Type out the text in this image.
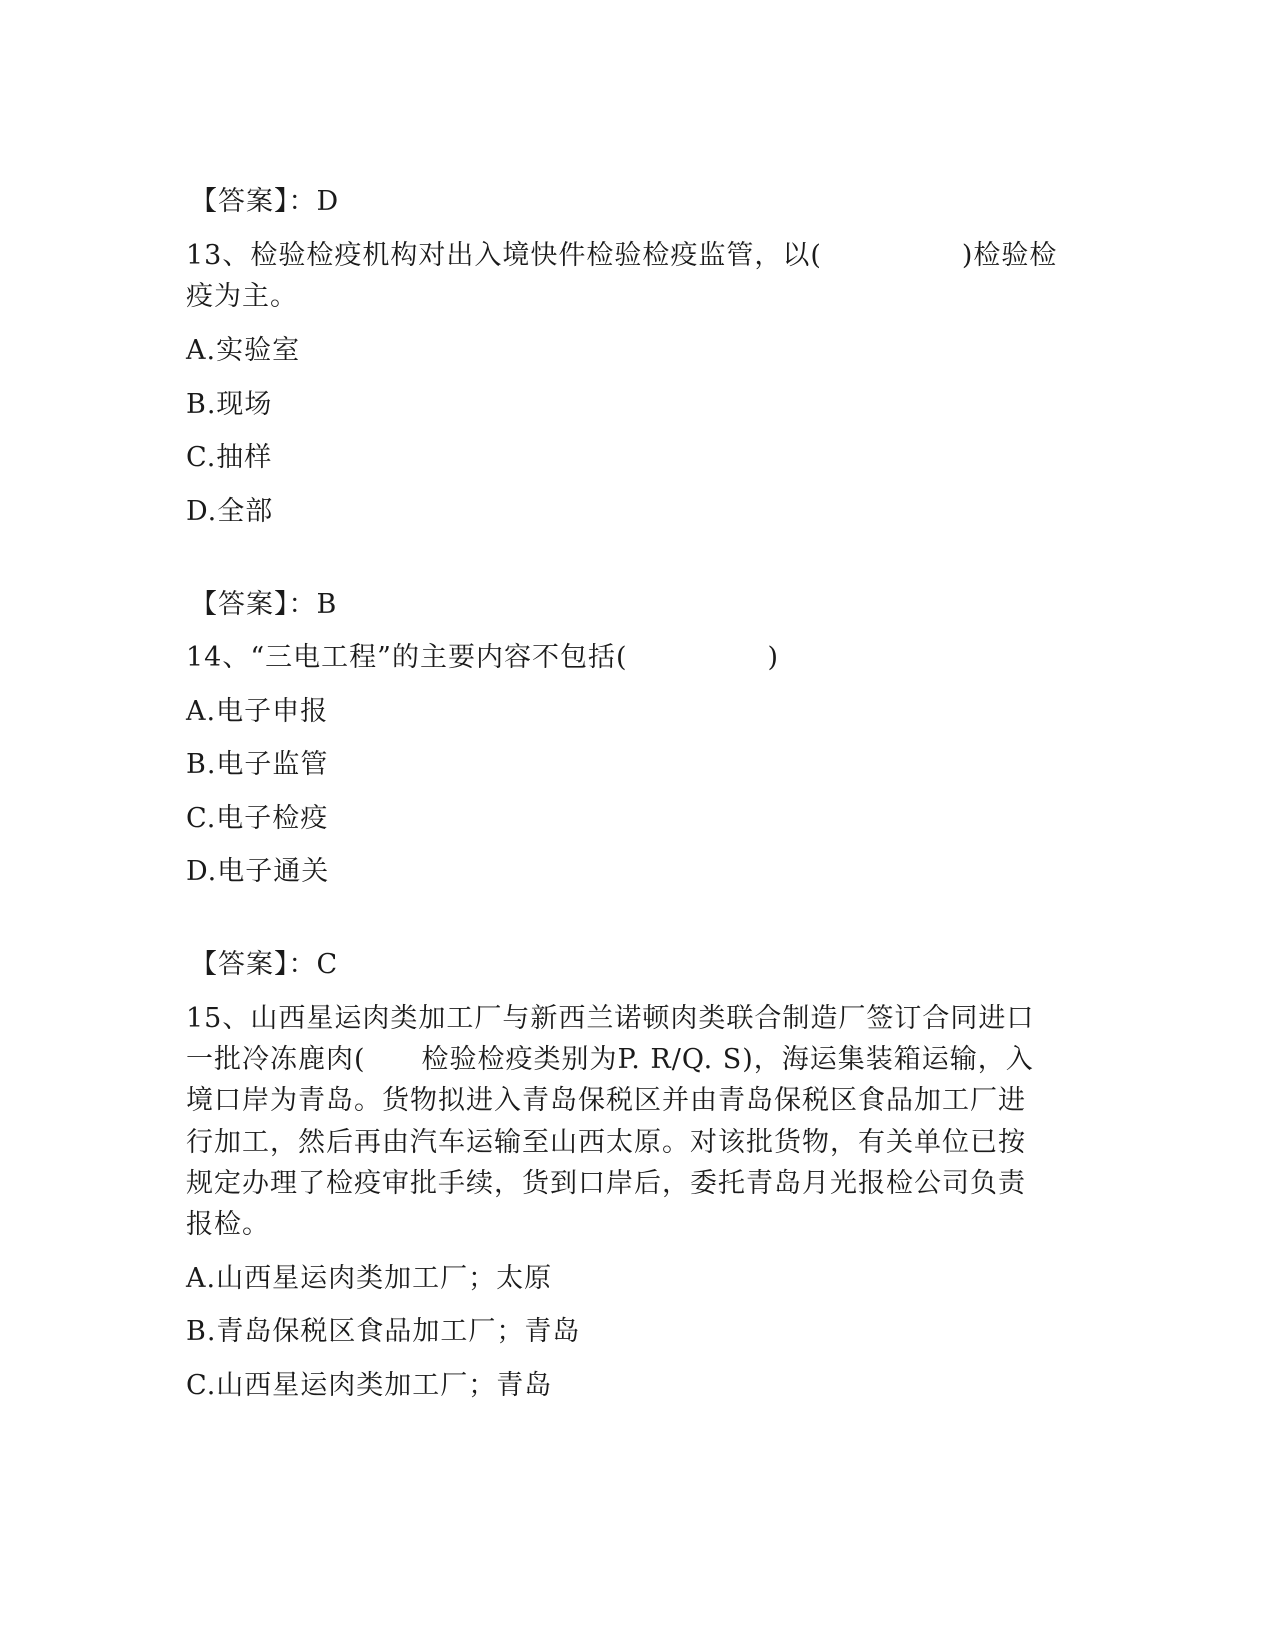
【答案】：D
13、检验检疫机构对出入境快件检验检疫监管，以(　　　　　)检验检
疫为主。
A.实验室
B.现场
C.抽样
D.全部
【答案】：B
14、“三电工程”的主要内容不包括(　　　　　)
A.电子申报
B.电子监管
C.电子检疫
D.电子通关
【答案】：C
15、山西星运肉类加工厂与新西兰诺顿肉类联合制造厂签订合同进口
一批冷冻鹿肉(　　检验检疫类别为P. R/Q. S)，海运集装箱运输，入
境口岸为青岛。货物拟进入青岛保税区并由青岛保税区食品加工厂进
行加工，然后再由汽车运输至山西太原。对该批货物，有关单位已按
规定办理了检疫审批手续，货到口岸后，委托青岛月光报检公司负责
报检。
A.山西星运肉类加工厂；太原
B.青岛保税区食品加工厂；青岛
C.山西星运肉类加工厂；青岛
